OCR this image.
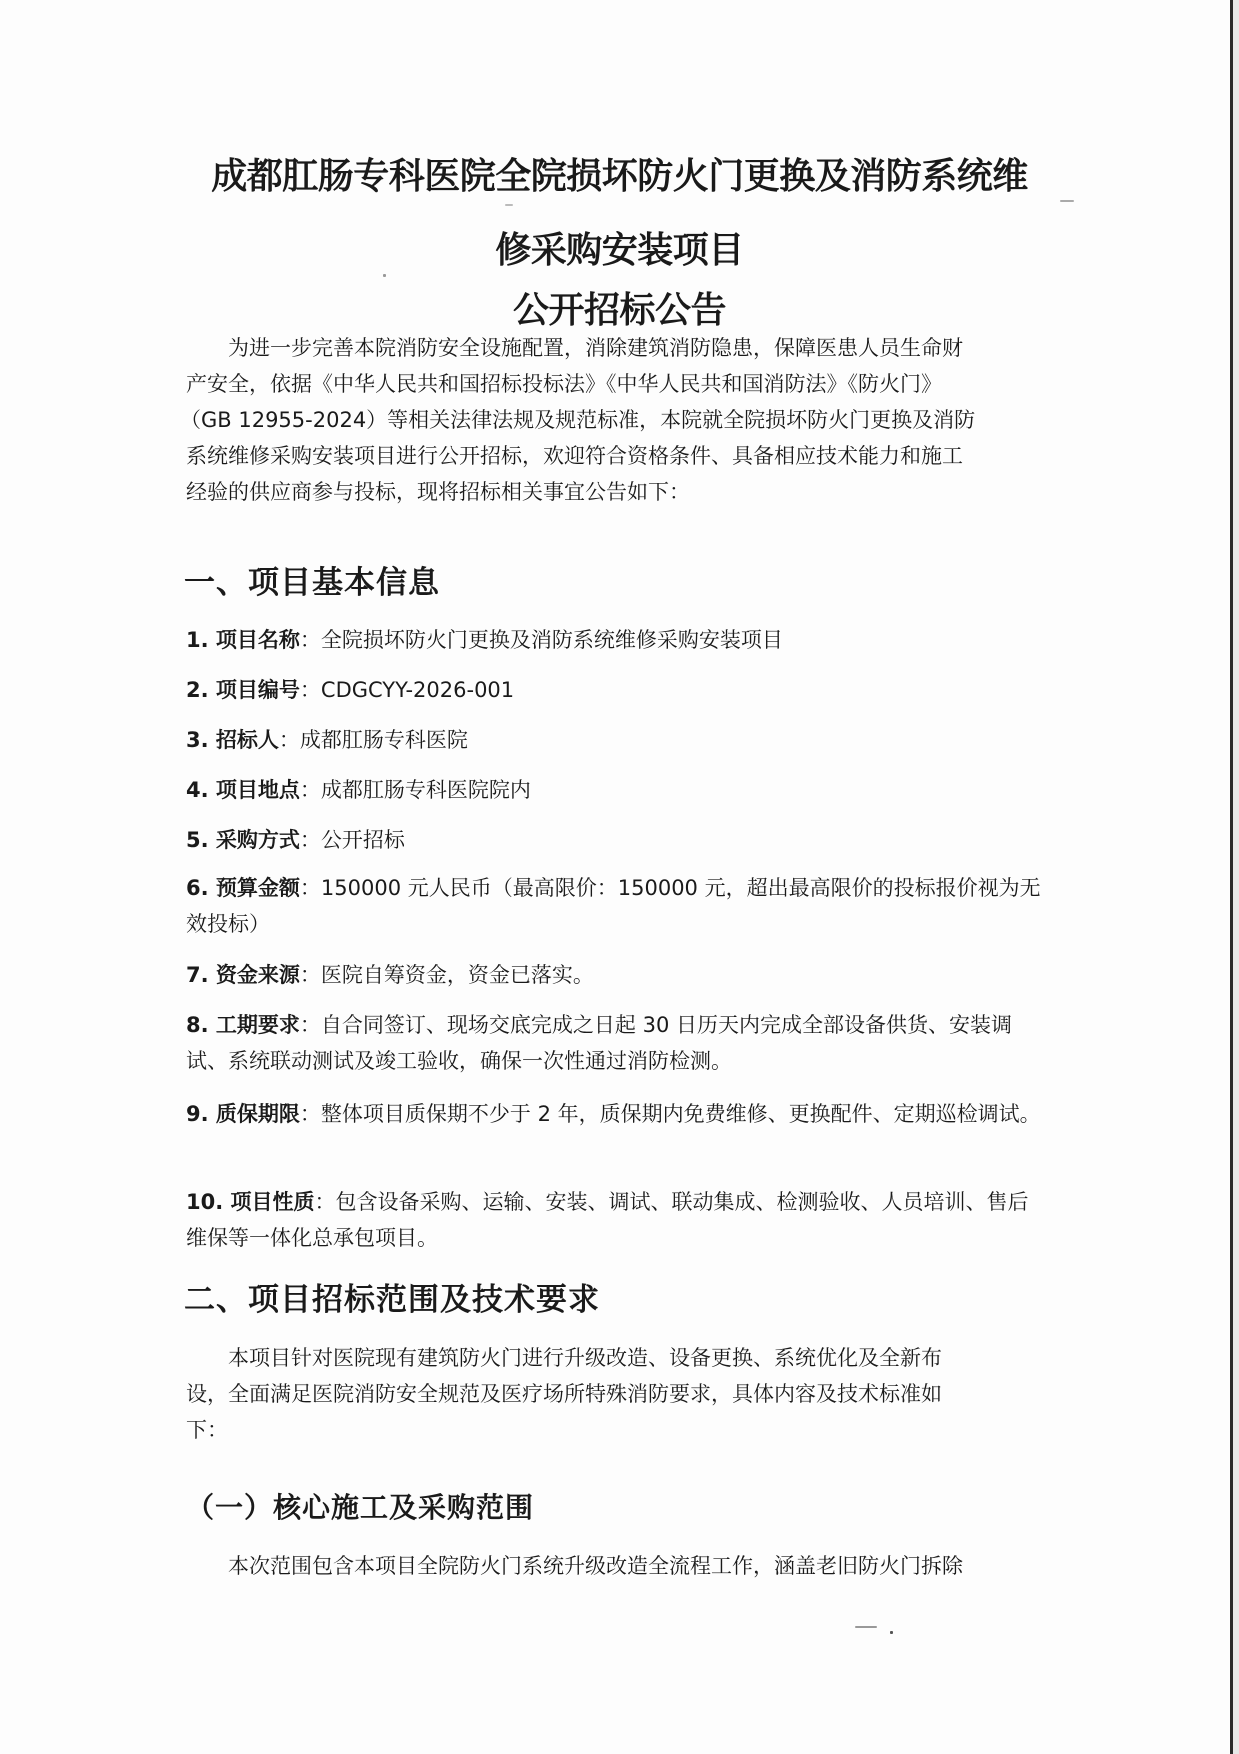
成都肛肠专科医院全院损坏防火门更换及消防系统维
修采购安装项目
公开招标公告
为进一步完善本院消防安全设施配置，消除建筑消防隐患，保障医患人员生命财
产安全，依据《中华人民共和国招标投标法》《中华人民共和国消防法》《防火门》
（GB 12955-2024）等相关法律法规及规范标准，本院就全院损坏防火门更换及消防
系统维修采购安装项目进行公开招标，欢迎符合资格条件、具备相应技术能力和施工
经验的供应商参与投标，现将招标相关事宜公告如下：
一、项目基本信息
1. 项目名称：全院损坏防火门更换及消防系统维修采购安装项目
2. 项目编号：CDGCYY-2026-001
3. 招标人：成都肛肠专科医院
4. 项目地点：成都肛肠专科医院院内
5. 采购方式：公开招标
6. 预算金额：150000 元人民币（最高限价：150000 元，超出最高限价的投标报价视为无效投标）
7. 资金来源：医院自筹资金，资金已落实。
8. 工期要求：自合同签订、现场交底完成之日起 30 日历天内完成全部设备供货、安装调试、系统联动测试及竣工验收，确保一次性通过消防检测。
9. 质保期限：整体项目质保期不少于 2 年，质保期内免费维修、更换配件、定期巡检调试。
10. 项目性质：包含设备采购、运输、安装、调试、联动集成、检测验收、人员培训、售后维保等一体化总承包项目。
二、项目招标范围及技术要求
本项目针对医院现有建筑防火门进行升级改造、设备更换、系统优化及全新布
设，全面满足医院消防安全规范及医疗场所特殊消防要求，具体内容及技术标准如
下：
（一）核心施工及采购范围
本次范围包含本项目全院防火门系统升级改造全流程工作，涵盖老旧防火门拆除
